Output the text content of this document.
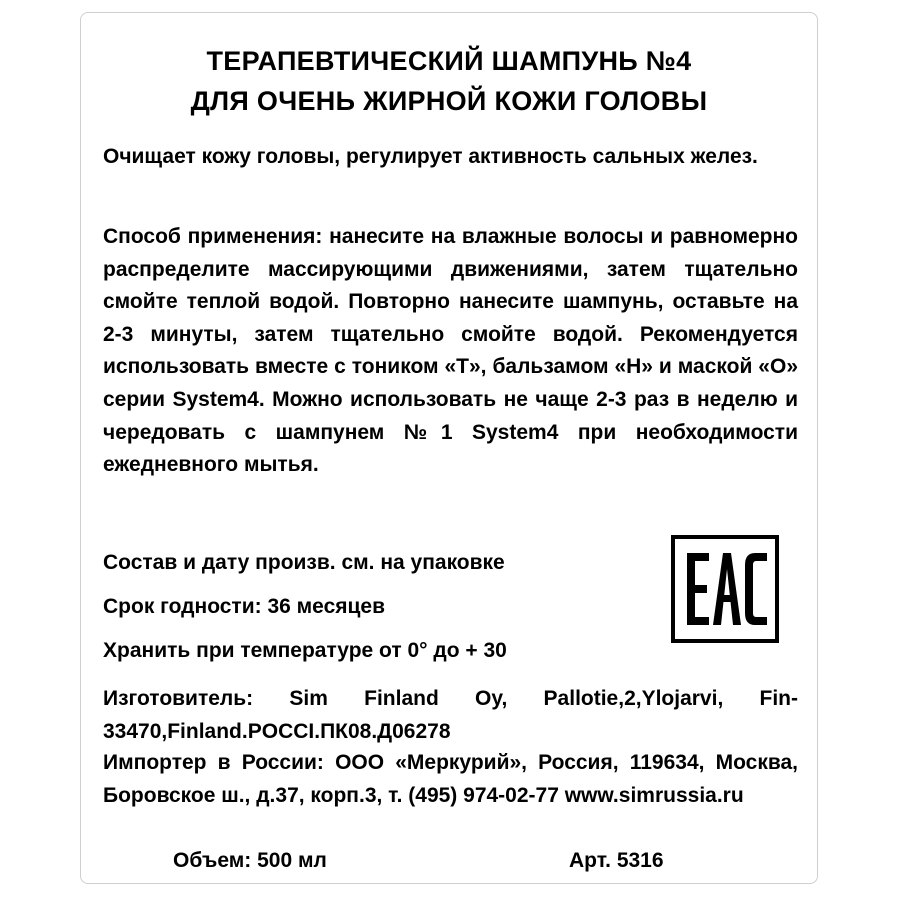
ТЕРАПЕВТИЧЕСКИЙ ШАМПУНЬ №4
ДЛЯ ОЧЕНЬ ЖИРНОЙ КОЖИ ГОЛОВЫ

Очищает кожу головы, регулирует активность сальных желез.

Способ применения: нанесите на влажные волосы и равномерно распределите массирующими движениями, затем тщательно смойте теплой водой. Повторно нанесите шампунь, оставьте на 2-3 минуты, затем тщательно смойте водой. Рекомендуется использовать вместе с тоником «Т», бальзамом «Н» и маской «О» серии System4. Можно использовать не чаще 2-3 раз в неделю и чередовать с шампунем №1 System4 при необходимости ежедневного мытья.

Состав и дату произв. см. на упаковке
Срок годности: 36 месяцев
Хранить при температуре от 0° до + 30

Изготовитель: Sim Finland Oy, Pallotie,2,Ylojarvi, Fin-33470,Finland.POCCI.ПК08.Д06278

Импортер в России: ООО «Меркурий», Россия, 119634, Москва, Боровское ш., д.37, корп.3, т. (495) 974-02-77 www.simrussia.ru

Объем: 500 мл	Арт. 5316
